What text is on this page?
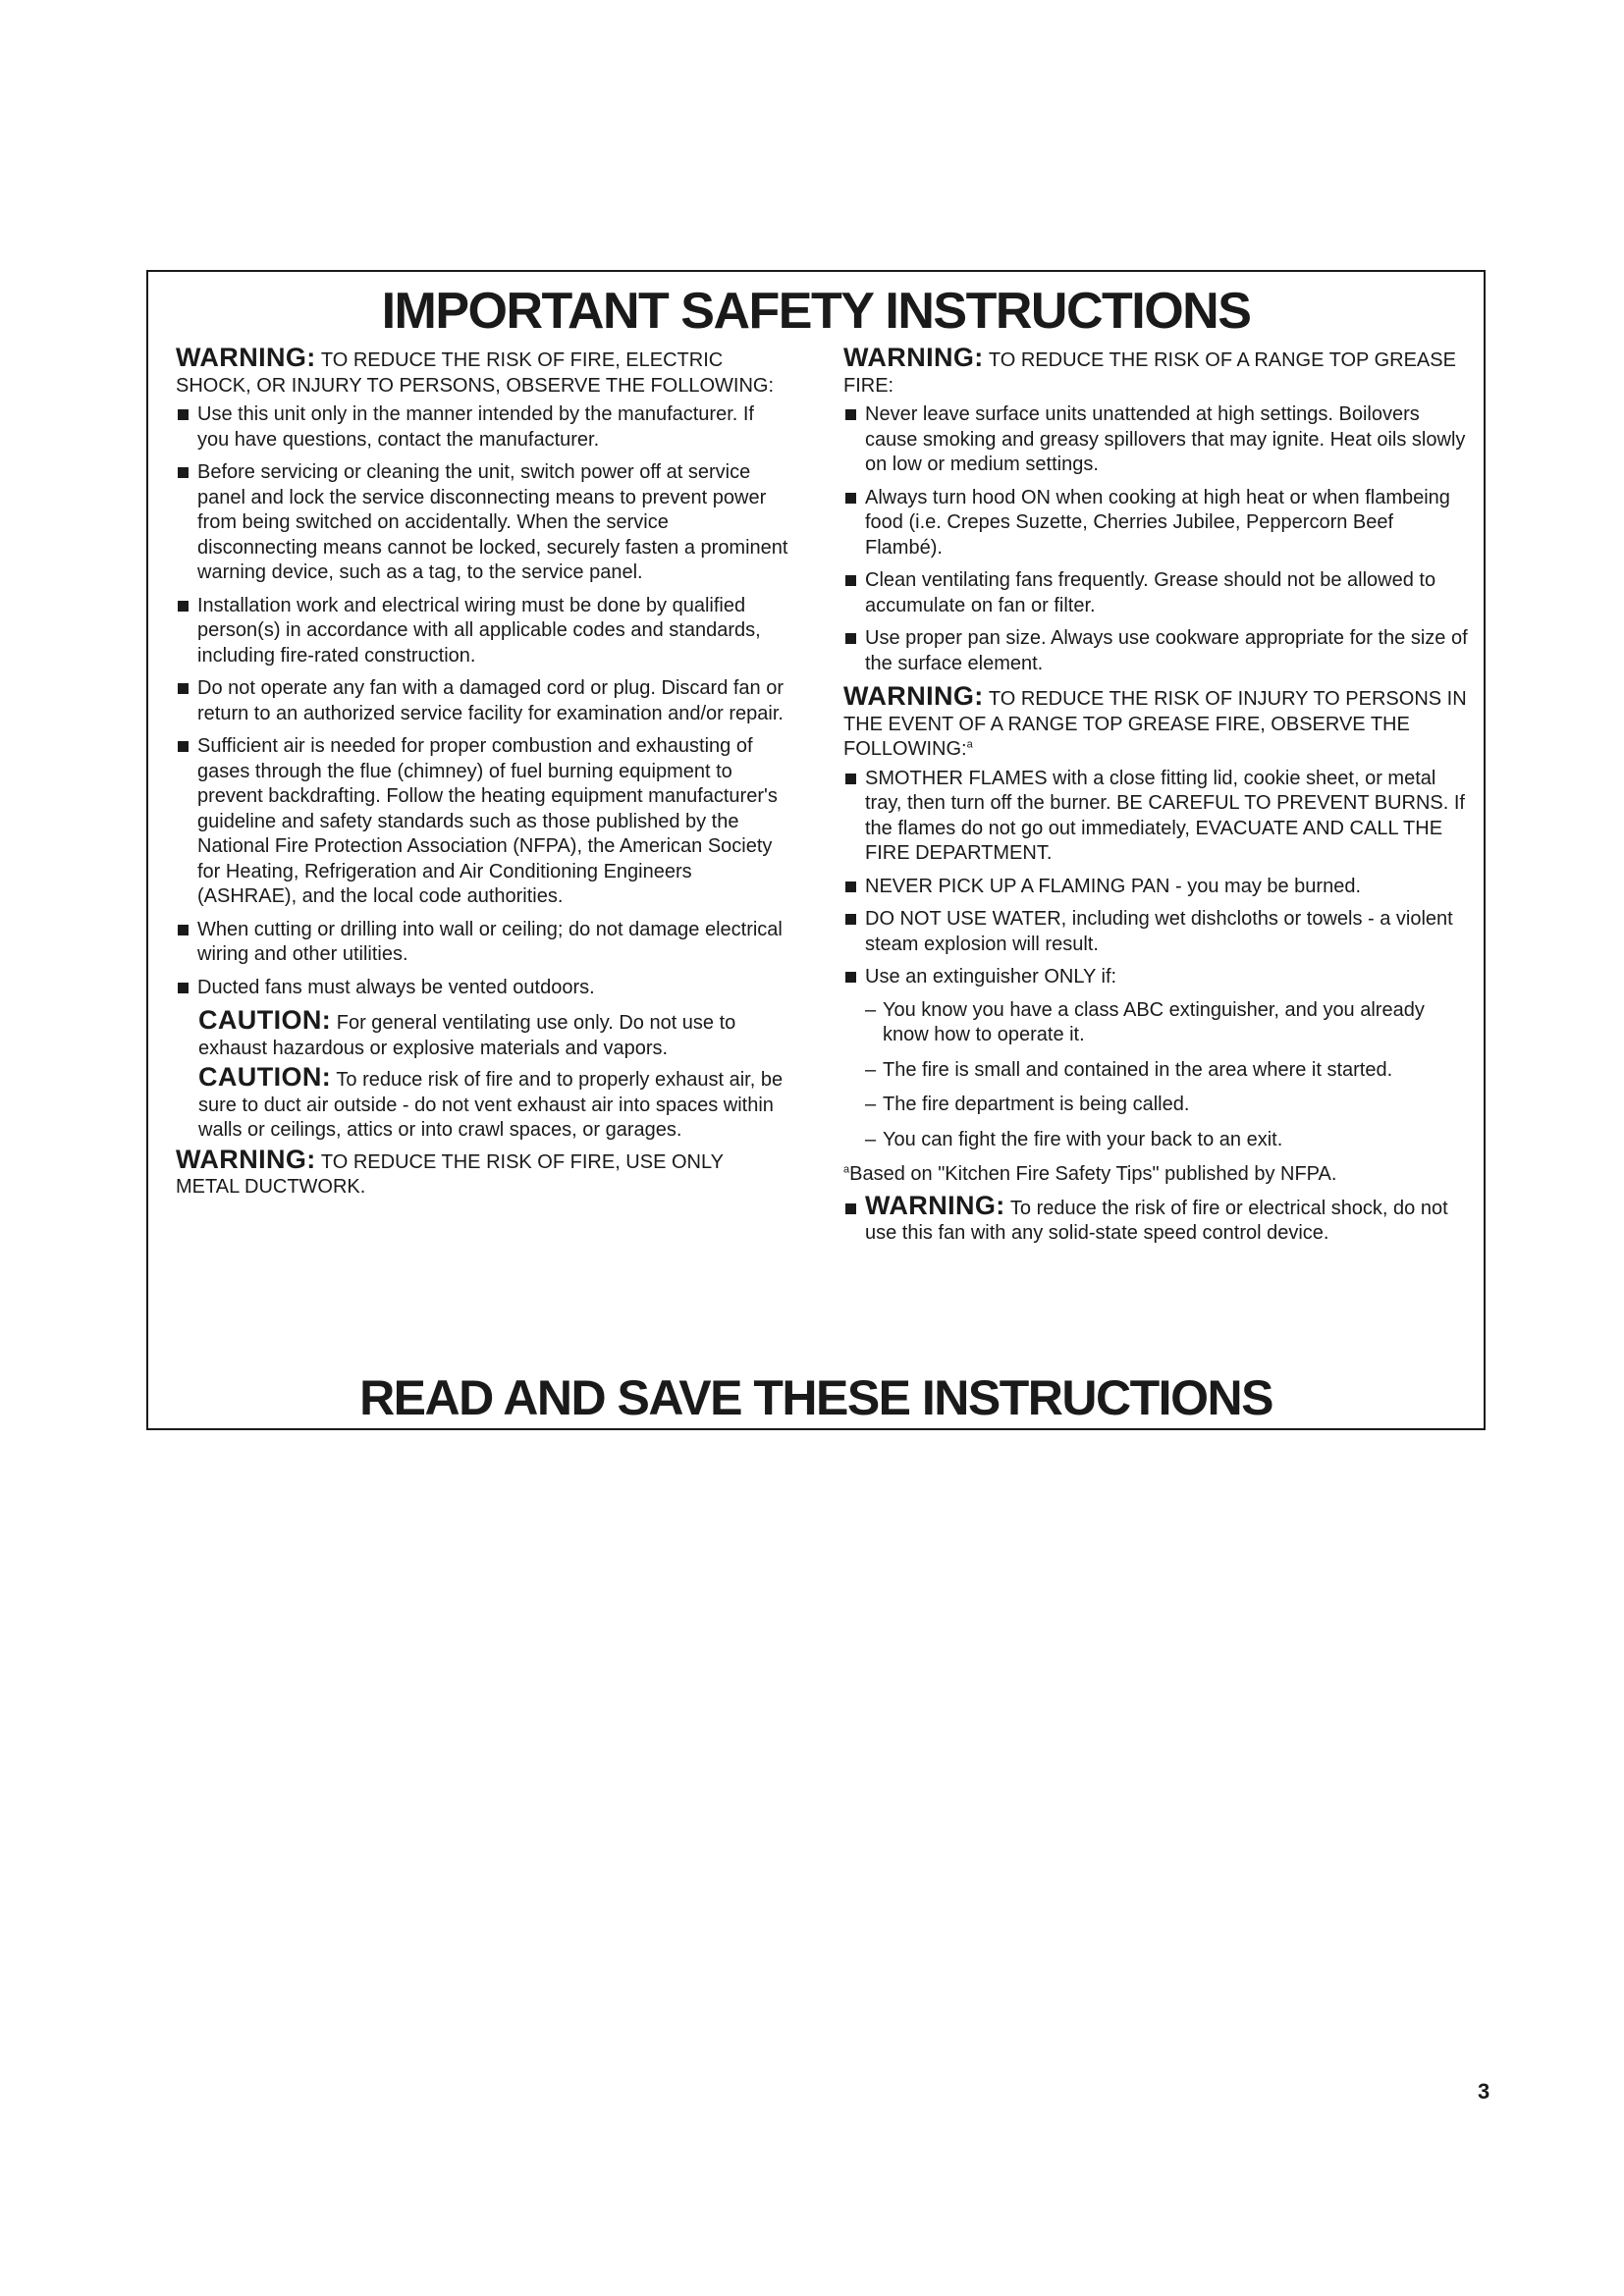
IMPORTANT SAFETY INSTRUCTIONS

WARNING: TO REDUCE THE RISK OF FIRE, ELECTRIC SHOCK, OR INJURY TO PERSONS, OBSERVE THE FOLLOWING:

Use this unit only in the manner intended by the manufacturer. If you have questions, contact the manufacturer.
Before servicing or cleaning the unit, switch power off at service panel and lock the service disconnecting means to prevent power from being switched on accidentally. When the service disconnecting means cannot be locked, securely fasten a prominent warning device, such as a tag, to the service panel.
Installation work and electrical wiring must be done by qualified person(s) in accordance with all applicable codes and standards, including fire-rated construction.
Do not operate any fan with a damaged cord or plug. Discard fan or return to an authorized service facility for examination and/or repair.
Sufficient air is needed for proper combustion and exhausting of gases through the flue (chimney) of fuel burning equipment to prevent backdrafting. Follow the heating equipment manufacturer's guideline and safety standards such as those published by the National Fire Protection Association (NFPA), the American Society for Heating, Refrigeration and Air Conditioning Engineers (ASHRAE), and the local code authorities.
When cutting or drilling into wall or ceiling; do not damage electrical wiring and other utilities.
Ducted fans must always be vented outdoors.

CAUTION: For general ventilating use only. Do not use to exhaust hazardous or explosive materials and vapors.

CAUTION: To reduce risk of fire and to properly exhaust air, be sure to duct air outside - do not vent exhaust air into spaces within walls or ceilings, attics or into crawl spaces, or garages.

WARNING: TO REDUCE THE RISK OF FIRE, USE ONLY METAL DUCTWORK.

WARNING: TO REDUCE THE RISK OF A RANGE TOP GREASE FIRE:

Never leave surface units unattended at high settings. Boilovers cause smoking and greasy spillovers that may ignite. Heat oils slowly on low or medium settings.
Always turn hood ON when cooking at high heat or when flambeing food (i.e. Crepes Suzette, Cherries Jubilee, Peppercorn Beef Flambé).
Clean ventilating fans frequently. Grease should not be allowed to accumulate on fan or filter.
Use proper pan size. Always use cookware appropriate for the size of the surface element.

WARNING: TO REDUCE THE RISK OF INJURY TO PERSONS IN THE EVENT OF A RANGE TOP GREASE FIRE, OBSERVE THE FOLLOWING:$^a$

SMOTHER FLAMES with a close fitting lid, cookie sheet, or metal tray, then turn off the burner. BE CAREFUL TO PREVENT BURNS. If the flames do not go out immediately, EVACUATE AND CALL THE FIRE DEPARTMENT.
NEVER PICK UP A FLAMING PAN - you may be burned.
DO NOT USE WATER, including wet dishcloths or towels - a violent steam explosion will result.
Use an extinguisher ONLY if:
– You know you have a class ABC extinguisher, and you already know how to operate it.
– The fire is small and contained in the area where it started.
– The fire department is being called.
– You can fight the fire with your back to an exit.

$^a$Based on "Kitchen Fire Safety Tips" published by NFPA.

WARNING: To reduce the risk of fire or electrical shock, do not use this fan with any solid-state speed control device.
READ AND SAVE THESE INSTRUCTIONS
3
